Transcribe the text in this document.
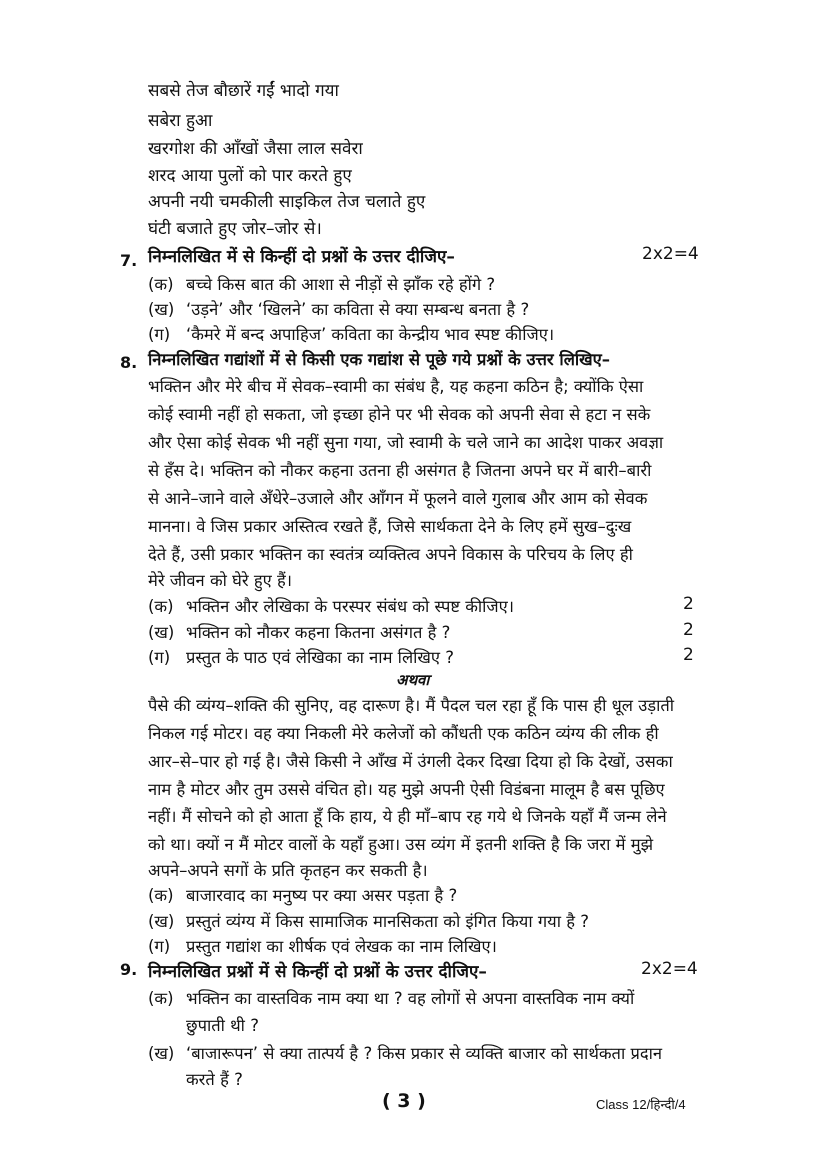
सबसे तेज बौछारें गईं भादो गया
सबेरा हुआ
खरगोश की आँखों जैसा लाल सवेरा
शरद आया पुलों को पार करते हुए
अपनी नयी चमकीली साइकिल तेज चलाते हुए
घंटी बजाते हुए जोर–जोर से।
7. निम्नलिखित में से किन्हीं दो प्रश्नों के उत्तर दीजिए–	2x2=4
(क) बच्चे किस बात की आशा से नीड़ों से झाँक रहे होंगे ?
(ख) ‘उड़ने’ और ‘खिलने’ का कविता से क्या सम्बन्ध बनता है ?
(ग) ‘कैमरे में बन्द अपाहिज’ कविता का केन्द्रीय भाव स्पष्ट कीजिए।
8. निम्नलिखित गद्यांशों में से किसी एक गद्यांश से पूछे गये प्रश्नों के उत्तर लिखिए–
भक्तिन और मेरे बीच में सेवक–स्वामी का संबंध है, यह कहना कठिन है; क्योंकि ऐसा
कोई स्वामी नहीं हो सकता, जो इच्छा होने पर भी सेवक को अपनी सेवा से हटा न सके
और ऐसा कोई सेवक भी नहीं सुना गया, जो स्वामी के चले जाने का आदेश पाकर अवज्ञा
से हँस दे। भक्तिन को नौकर कहना उतना ही असंगत है जितना अपने घर में बारी–बारी
से आने–जाने वाले अँधेरे–उजाले और आँगन में फूलने वाले गुलाब और आम को सेवक
मानना। वे जिस प्रकार अस्तित्व रखते हैं, जिसे सार्थकता देने के लिए हमें सुख–दुःख
देते हैं, उसी प्रकार भक्तिन का स्वतंत्र व्यक्तित्व अपने विकास के परिचय के लिए ही
मेरे जीवन को घेरे हुए हैं।
(क) भक्तिन और लेखिका के परस्पर संबंध को स्पष्ट कीजिए।	2
(ख) भक्तिन को नौकर कहना कितना असंगत है ?	2
(ग) प्रस्तुत के पाठ एवं लेखिका का नाम लिखिए ?	2
अथवा
पैसे की व्यंग्य–शक्ति की सुनिए, वह दारूण है। मैं पैदल चल रहा हूँ कि पास ही धूल उड़ाती
निकल गई मोटर। वह क्या निकली मेरे कलेजों को कौंधती एक कठिन व्यंग्य की लीक ही
आर–से–पार हो गई है। जैसे किसी ने आँख में उंगली देकर दिखा दिया हो कि देखों, उसका
नाम है मोटर और तुम उससे वंचित हो। यह मुझे अपनी ऐसी विडंबना मालूम है बस पूछिए
नहीं। मैं सोचने को हो आता हूँ कि हाय, ये ही माँ–बाप रह गये थे जिनके यहाँ मैं जन्म लेने
को था। क्यों न मैं मोटर वालों के यहाँ हुआ। उस व्यंग में इतनी शक्ति है कि जरा में मुझे
अपने–अपने सगों के प्रति कृतहन कर सकती है।
(क) बाजारवाद का मनुष्य पर क्या असर पड़ता है ?
(ख) प्रस्तुतं व्यंग्य में किस सामाजिक मानसिकता को इंगित किया गया है ?
(ग) प्रस्तुत गद्यांश का शीर्षक एवं लेखक का नाम लिखिए।
9. निम्नलिखित प्रश्नों में से किन्हीं दो प्रश्नों के उत्तर दीजिए–	2x2=4
(क) भक्तिन का वास्तविक नाम क्या था ? वह लोगों से अपना वास्तविक नाम क्यों
छुपाती थी ?
(ख) ‘बाजारूपन’ से क्या तात्पर्य है ? किस प्रकार से व्यक्ति बाजार को सार्थकता प्रदान
करते हैं ?
( 3 )	Class 12/हिन्दी/4
